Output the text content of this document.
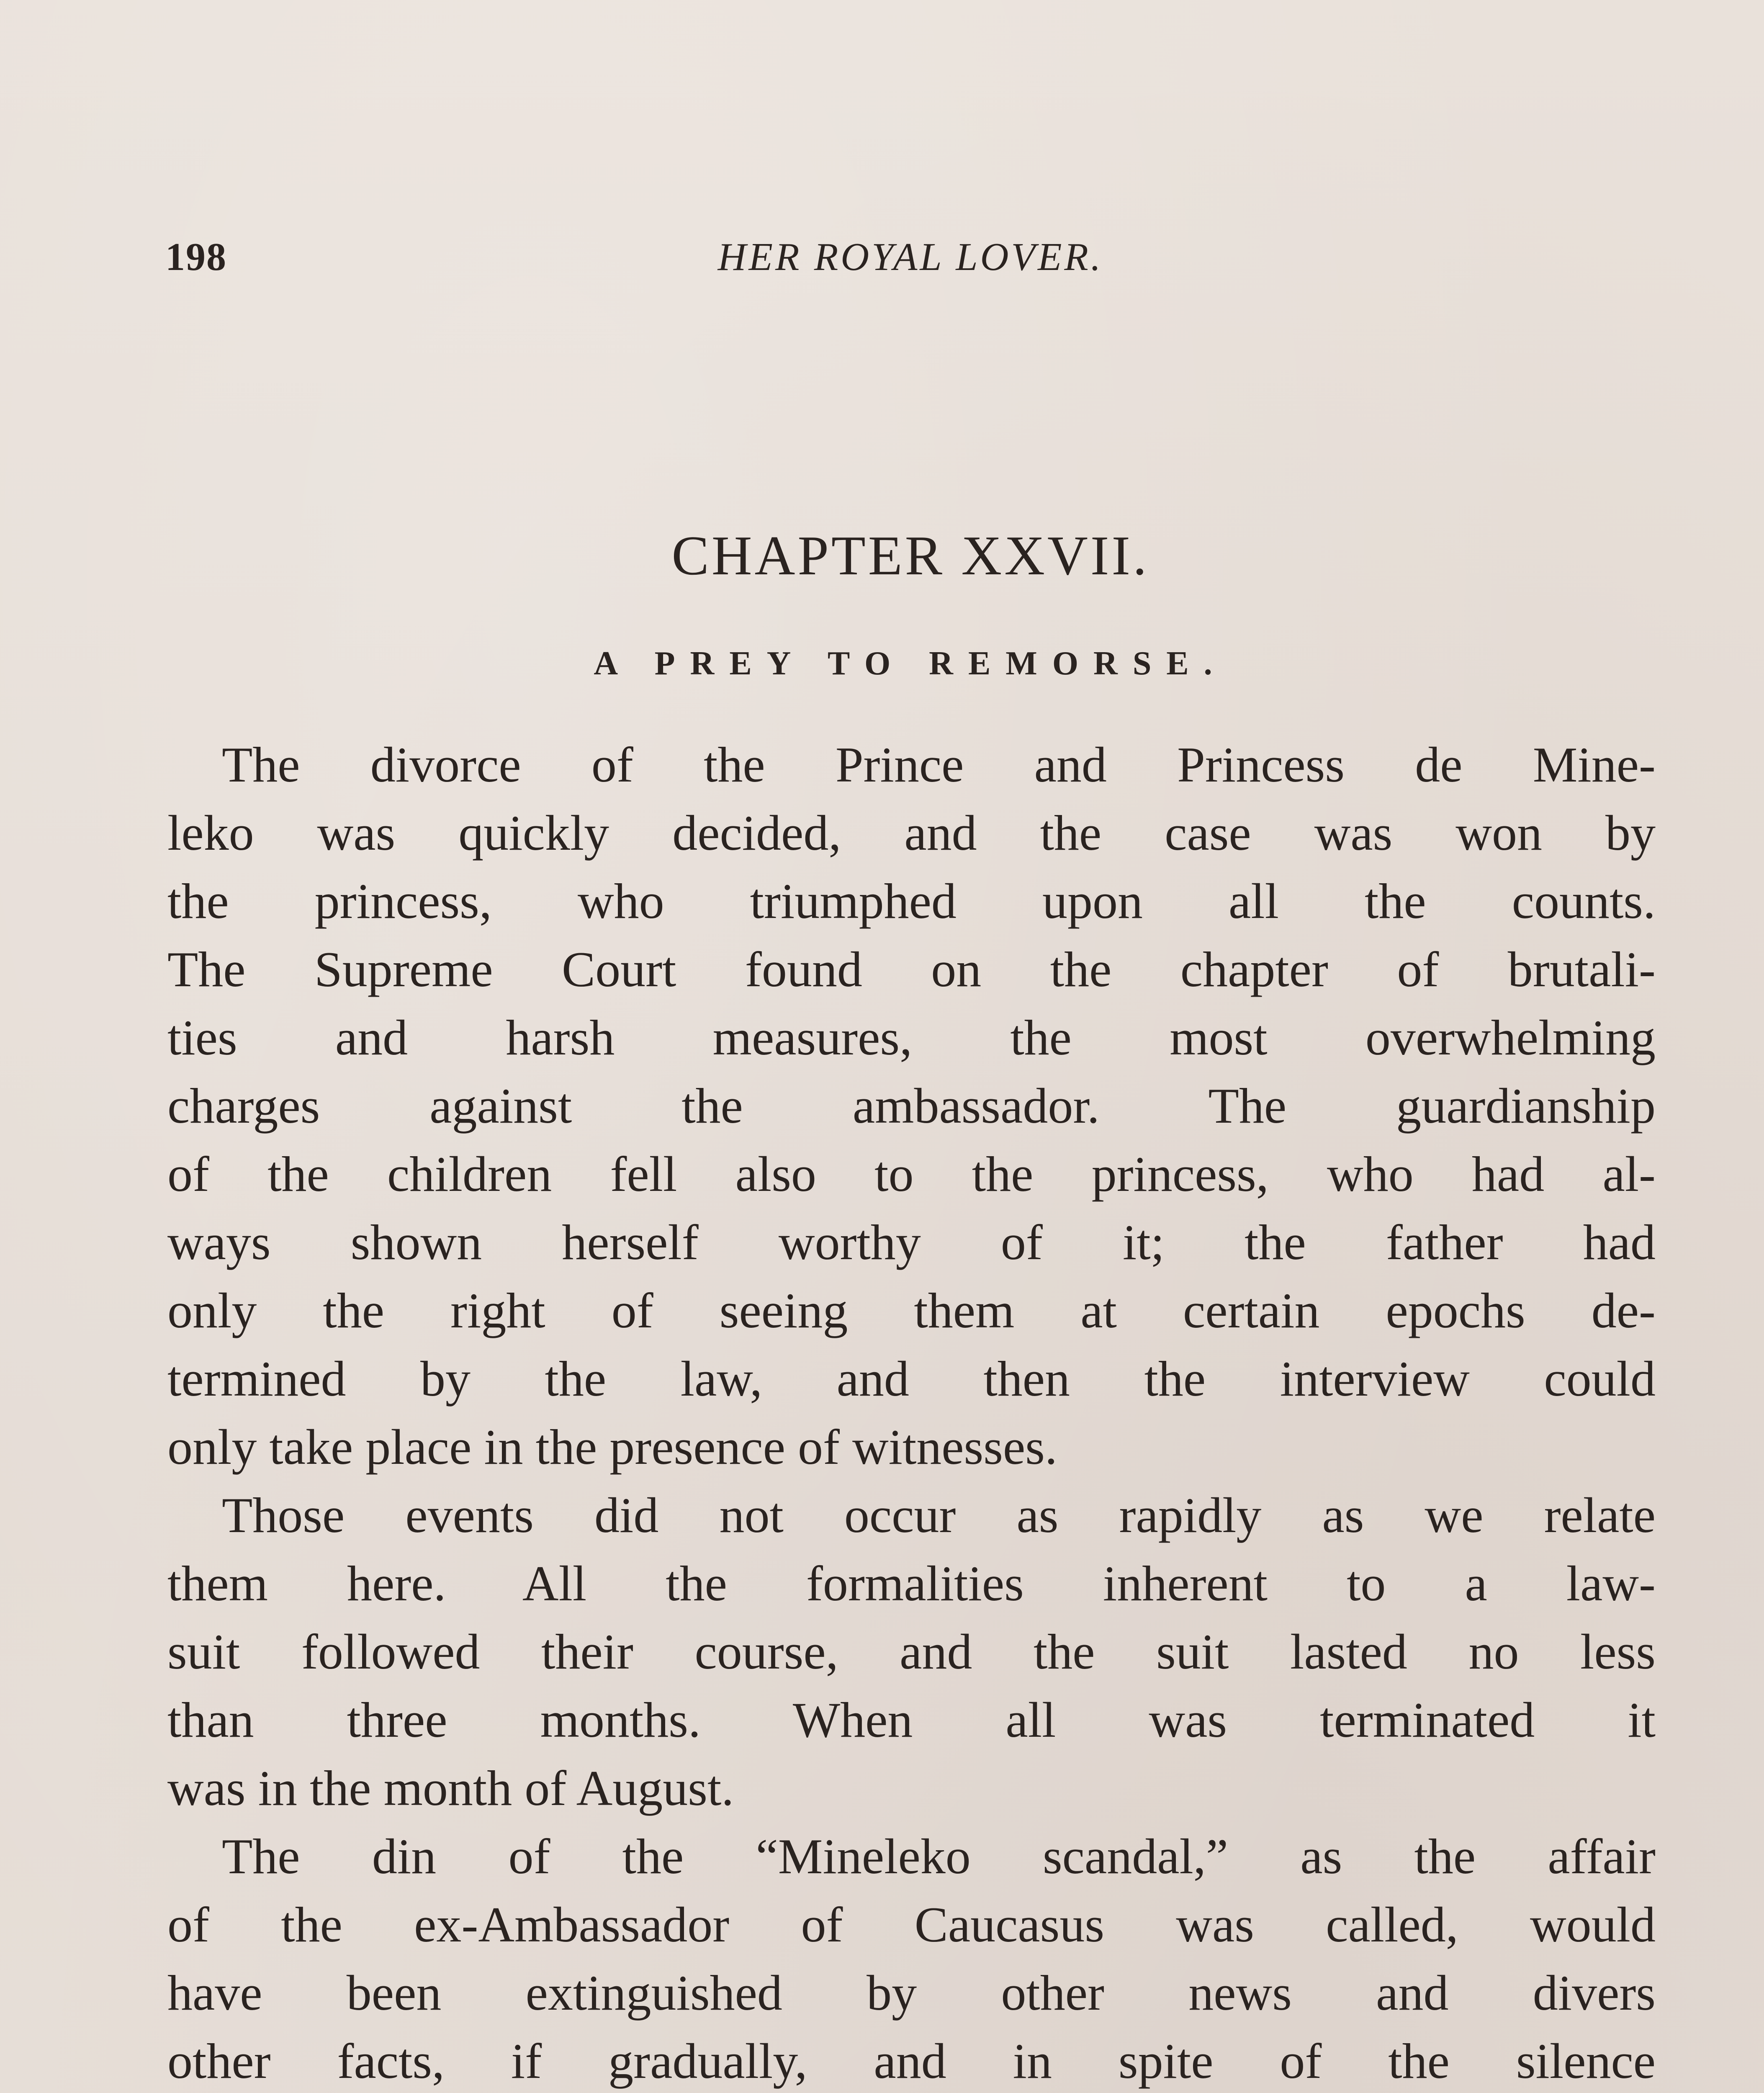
198	HER ROYAL LOVER.
CHAPTER XXVII.
A PREY TO REMORSE.
The divorce of the Prince and Princess de Mine-
leko was quickly decided, and the case was won by
the princess, who triumphed upon all the counts.
The Supreme Court found on the chapter of brutali-
ties and harsh measures, the most overwhelming
charges against the ambassador. The guardianship
of the children fell also to the princess, who had al-
ways shown herself worthy of it; the father had
only the right of seeing them at certain epochs de-
termined by the law, and then the interview could
only take place in the presence of witnesses.
Those events did not occur as rapidly as we relate
them here. All the formalities inherent to a law-
suit followed their course, and the suit lasted no less
than three months. When all was terminated it
was in the month of August.
The din of the “Mineleko scandal,” as the affair
of the ex-Ambassador of Caucasus was called, would
have been extinguished by other news and divers
other facts, if gradually, and in spite of the silence
